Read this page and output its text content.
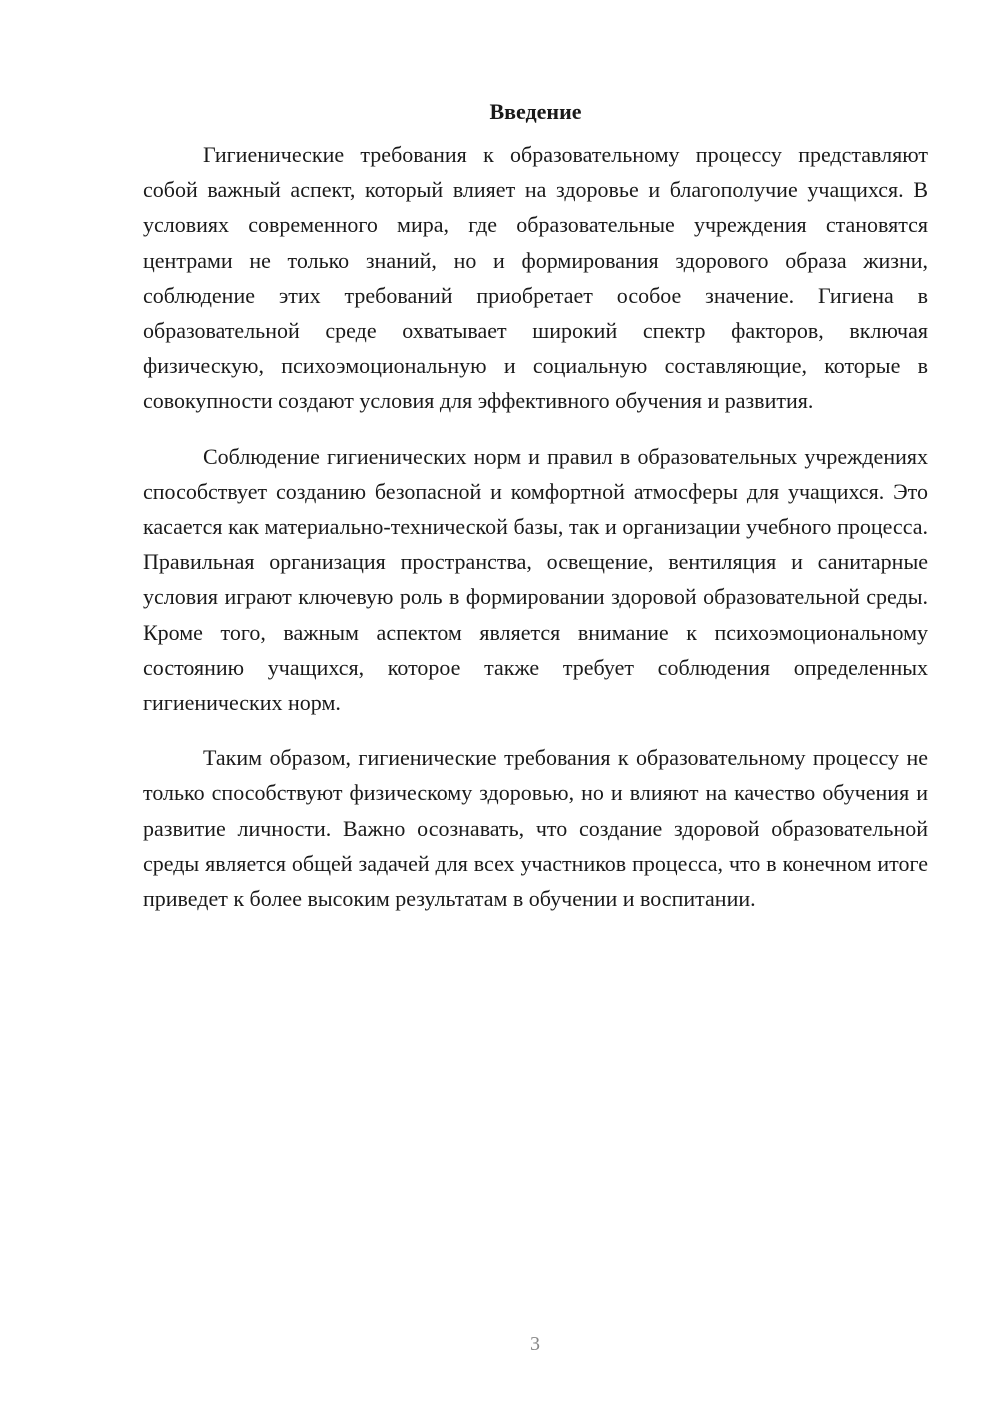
Введение

Гигиенические требования к образовательному процессу представляют собой важный аспект, который влияет на здоровье и благополучие учащихся. В условиях современного мира, где образовательные учреждения становятся центрами не только знаний, но и формирования здорового образа жизни, соблюдение этих требований приобретает особое значение. Гигиена в образовательной среде охватывает широкий спектр факторов, включая физическую, психоэмоциональную и социальную составляющие, которые в совокупности создают условия для эффективного обучения и развития.

Соблюдение гигиенических норм и правил в образовательных учреждениях способствует созданию безопасной и комфортной атмосферы для учащихся. Это касается как материально-технической базы, так и организации учебного процесса. Правильная организация пространства, освещение, вентиляция и санитарные условия играют ключевую роль в формировании здоровой образовательной среды. Кроме того, важным аспектом является внимание к психоэмоциональному состоянию учащихся, которое также требует соблюдения определенных гигиенических норм.

Таким образом, гигиенические требования к образовательному процессу не только способствуют физическому здоровью, но и влияют на качество обучения и развитие личности. Важно осознавать, что создание здоровой образовательной среды является общей задачей для всех участников процесса, что в конечном итоге приведет к более высоким результатам в обучении и воспитании.

3
